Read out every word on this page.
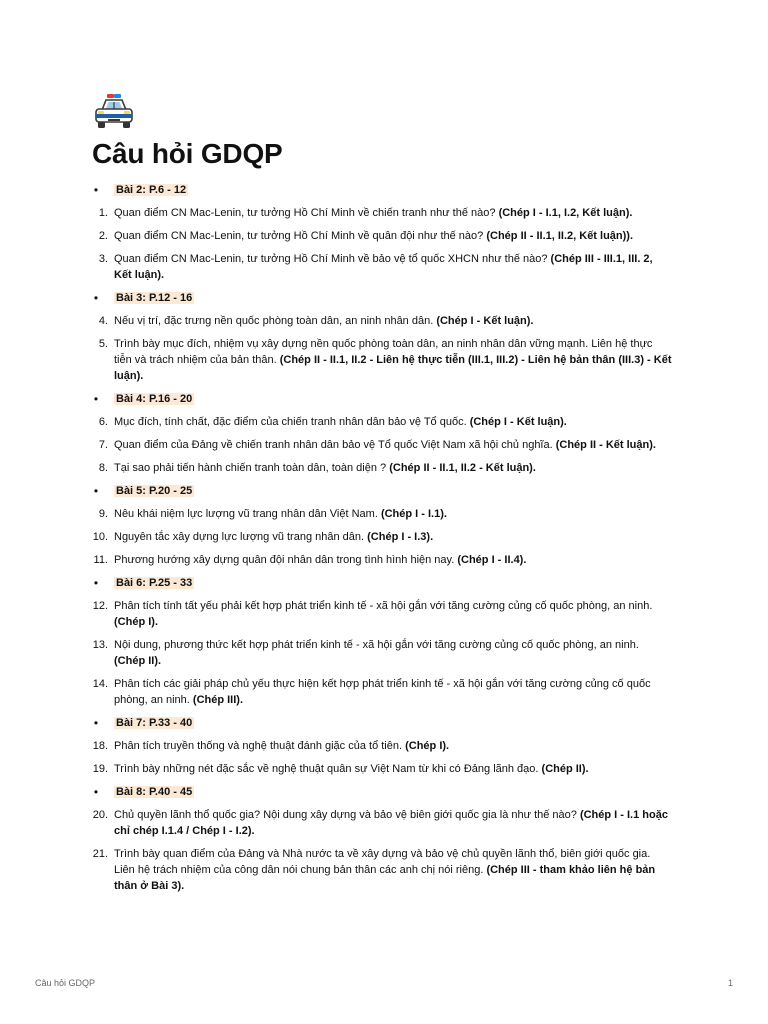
Câu hỏi GDQP
•	Bài 2: P.6 - 12
1. Quan điểm CN Mac-Lenin, tư tưởng Hồ Chí Minh về chiến tranh như thế nào? (Chép I - I.1, I.2, Kết luận).
2. Quan điểm CN Mac-Lenin, tư tưởng Hồ Chí Minh về quân đội như thế nào? (Chép II - II.1, II.2, Kết luận)).
3. Quan điểm CN Mac-Lenin, tư tưởng Hồ Chí Minh về bảo vệ tổ quốc XHCN như thế nào? (Chép III - III.1, III. 2, Kết luận).
•	Bài 3: P.12 - 16
4. Nếu vị trí, đặc trưng nền quốc phòng toàn dân, an ninh nhân dân. (Chép I - Kết luận).
5. Trình bày mục đích, nhiệm vụ xây dựng nền quốc phòng toàn dân, an ninh nhân dân vững mạnh. Liên hệ thực tiễn và trách nhiệm của bản thân. (Chép II - II.1, II.2 - Liên hệ thực tiễn (III.1, III.2) - Liên hệ bản thân (III.3) - Kết luận).
•	Bài 4: P.16 - 20
6. Mục đích, tính chất, đặc điểm của chiến tranh nhân dân bảo vệ Tổ quốc. (Chép I - Kết luận).
7. Quan điểm của Đảng về chiến tranh nhân dân bảo vệ Tổ quốc Việt Nam xã hội chủ nghĩa. (Chép II - Kết luận).
8. Tại sao phải tiến hành chiến tranh toàn dân, toàn diện ? (Chép II - II.1, II.2 - Kết luận).
•	Bài 5: P.20 - 25
9. Nêu khái niệm lực lượng vũ trang nhân dân Việt Nam. (Chép I - I.1).
10. Nguyên tắc xây dựng lực lượng vũ trang nhân dân. (Chép I - I.3).
11. Phương hướng xây dựng quân đội nhân dân trong tình hình hiện nay. (Chép I - II.4).
•	Bài 6: P.25 - 33
12. Phân tích tính tất yếu phải kết hợp phát triển kinh tế - xã hội gắn với tăng cường củng cố quốc phòng, an ninh. (Chép I).
13. Nội dung, phương thức kết hợp phát triển kinh tế - xã hội gắn với tăng cường củng cố quốc phòng, an ninh. (Chép II).
14. Phân tích các giải pháp chủ yếu thực hiện kết hợp phát triển kinh tế - xã hội gắn với tăng cường củng cố quốc phòng, an ninh. (Chép III).
•	Bài 7: P.33 - 40
18. Phân tích truyền thống và nghệ thuật đánh giặc của tổ tiên. (Chép I).
19. Trình bày những nét đặc sắc về nghệ thuật quân sự Việt Nam từ khi có Đảng lãnh đạo. (Chép II).
•	Bài 8: P.40 - 45
20. Chủ quyền lãnh thổ quốc gia? Nội dung xây dựng và bảo vệ biên giới quốc gia là như thế nào? (Chép I - I.1 hoặc chỉ chép I.1.4 / Chép I - I.2).
21. Trình bày quan điểm của Đảng và Nhà nước ta về xây dựng và bảo vệ chủ quyền lãnh thổ, biên giới quốc gia. Liên hệ trách nhiệm của công dân nói chung bản thân các anh chị nói riêng. (Chép III - tham khảo liên hệ bản thân ở Bài 3).
Câu hỏi GDQP	1
